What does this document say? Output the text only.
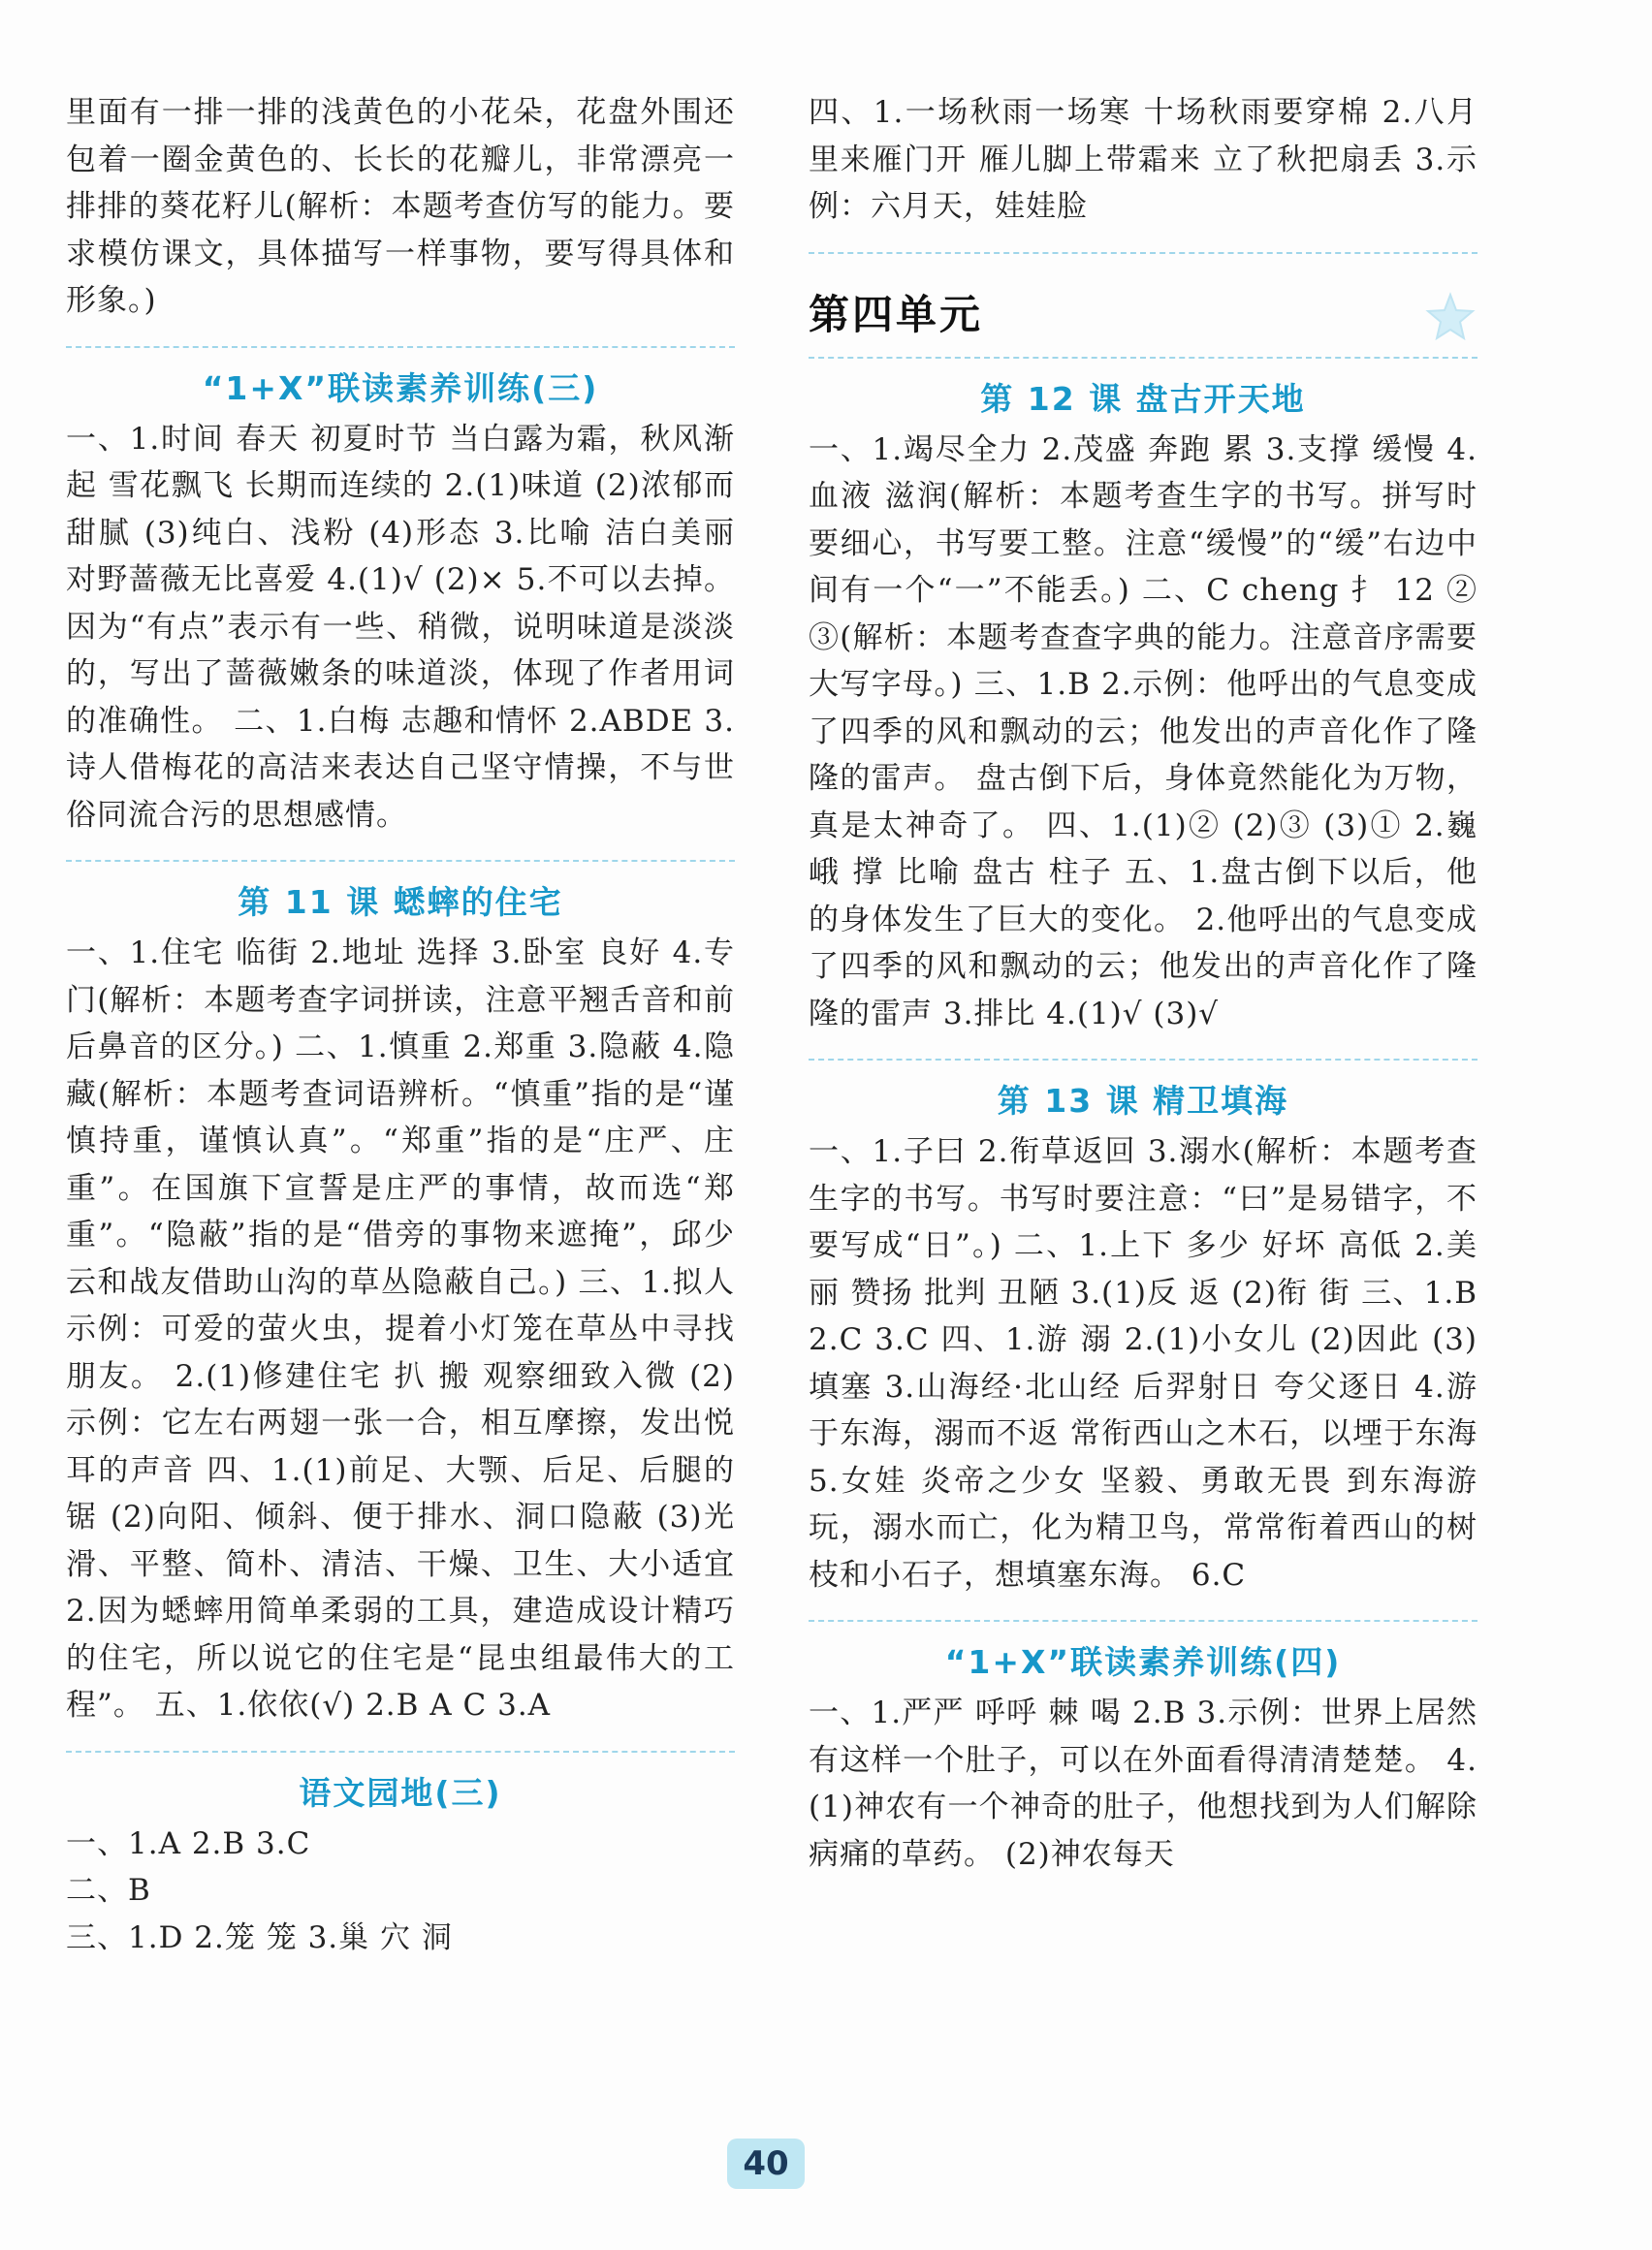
里面有一排一排的浅黄色的小花朵，花盘外围还包着一圈金黄色的、长长的花瓣儿，非常漂亮一排排的葵花籽儿(解析：本题考查仿写的能力。要求模仿课文，具体描写一样事物，要写得具体和形象。)

“1+X”联读素养训练(三)

一、1.时间 春天 初夏时节 当白露为霜，秋风渐起 雪花飘飞 长期而连续的 2.(1)味道 (2)浓郁而甜腻 (3)纯白、浅粉 (4)形态 3.比喻 洁白美丽 对野蔷薇无比喜爱 4.(1)√ (2)× 5.不可以去掉。因为“有点”表示有一些、稍微，说明味道是淡淡的，写出了蔷薇嫩条的味道淡，体现了作者用词的准确性。 二、1.白梅 志趣和情怀 2.ABDE 3.诗人借梅花的高洁来表达自己坚守情操，不与世俗同流合污的思想感情。

第 11 课 蟋蟀的住宅

一、1.住宅 临街 2.地址 选择 3.卧室 良好 4.专门(解析：本题考查字词拼读，注意平翘舌音和前后鼻音的区分。) 二、1.慎重 2.郑重 3.隐蔽 4.隐藏(解析：本题考查词语辨析。“慎重”指的是“谨慎持重，谨慎认真”。“郑重”指的是“庄严、庄重”。在国旗下宣誓是庄严的事情，故而选“郑重”。“隐蔽”指的是“借旁的事物来遮掩”，邱少云和战友借助山沟的草丛隐蔽自己。) 三、1.拟人 示例：可爱的萤火虫，提着小灯笼在草丛中寻找朋友。 2.(1)修建住宅 扒 搬 观察细致入微 (2)示例：它左右两翅一张一合，相互摩擦，发出悦耳的声音 四、1.(1)前足、大颚、后足、后腿的锯 (2)向阳、倾斜、便于排水、洞口隐蔽 (3)光滑、平整、简朴、清洁、干燥、卫生、大小适宜 2.因为蟋蟀用简单柔弱的工具，建造成设计精巧的住宅，所以说它的住宅是“昆虫组最伟大的工程”。 五、1.依依(√) 2.B A C 3.A

语文园地(三)

一、1.A 2.B 3.C

二、B

三、1.D 2.笼 笼 3.巢 穴 洞

四、1.一场秋雨一场寒 十场秋雨要穿棉 2.八月里来雁门开 雁儿脚上带霜来 立了秋把扇丢 3.示例：六月天，娃娃脸

第四单元
第 12 课 盘古开天地

一、1.竭尽全力 2.茂盛 奔跑 累 3.支撑 缓慢 4.血液 滋润(解析：本题考查生字的书写。拼写时要细心，书写要工整。注意“缓慢”的“缓”右边中间有一个“一”不能丢。) 二、C cheng 扌 12 ② ③(解析：本题考查查字典的能力。注意音序需要大写字母。) 三、1.B 2.示例：他呼出的气息变成了四季的风和飘动的云；他发出的声音化作了隆隆的雷声。 盘古倒下后，身体竟然能化为万物，真是太神奇了。 四、1.(1)② (2)③ (3)① 2.巍峨 撑 比喻 盘古 柱子 五、1.盘古倒下以后，他的身体发生了巨大的变化。 2.他呼出的气息变成了四季的风和飘动的云；他发出的声音化作了隆隆的雷声 3.排比 4.(1)√ (3)√

第 13 课 精卫填海

一、1.子曰 2.衔草返回 3.溺水(解析：本题考查生字的书写。书写时要注意：“曰”是易错字，不要写成“日”。) 二、1.上下 多少 好坏 高低 2.美丽 赞扬 批判 丑陋 3.(1)反 返 (2)衔 街 三、1.B 2.C 3.C 四、1.游 溺 2.(1)小女儿 (2)因此 (3)填塞 3.山海经·北山经 后羿射日 夸父逐日 4.游于东海，溺而不返 常衔西山之木石，以堙于东海 5.女娃 炎帝之少女 坚毅、勇敢无畏 到东海游玩，溺水而亡，化为精卫鸟，常常衔着西山的树枝和小石子，想填塞东海。 6.C

“1+X”联读素养训练(四)

一、1.严严 呼呼 棘 喝 2.B 3.示例：世界上居然有这样一个肚子，可以在外面看得清清楚楚。 4.(1)神农有一个神奇的肚子，他想找到为人们解除病痛的草药。 (2)神农每天

40
